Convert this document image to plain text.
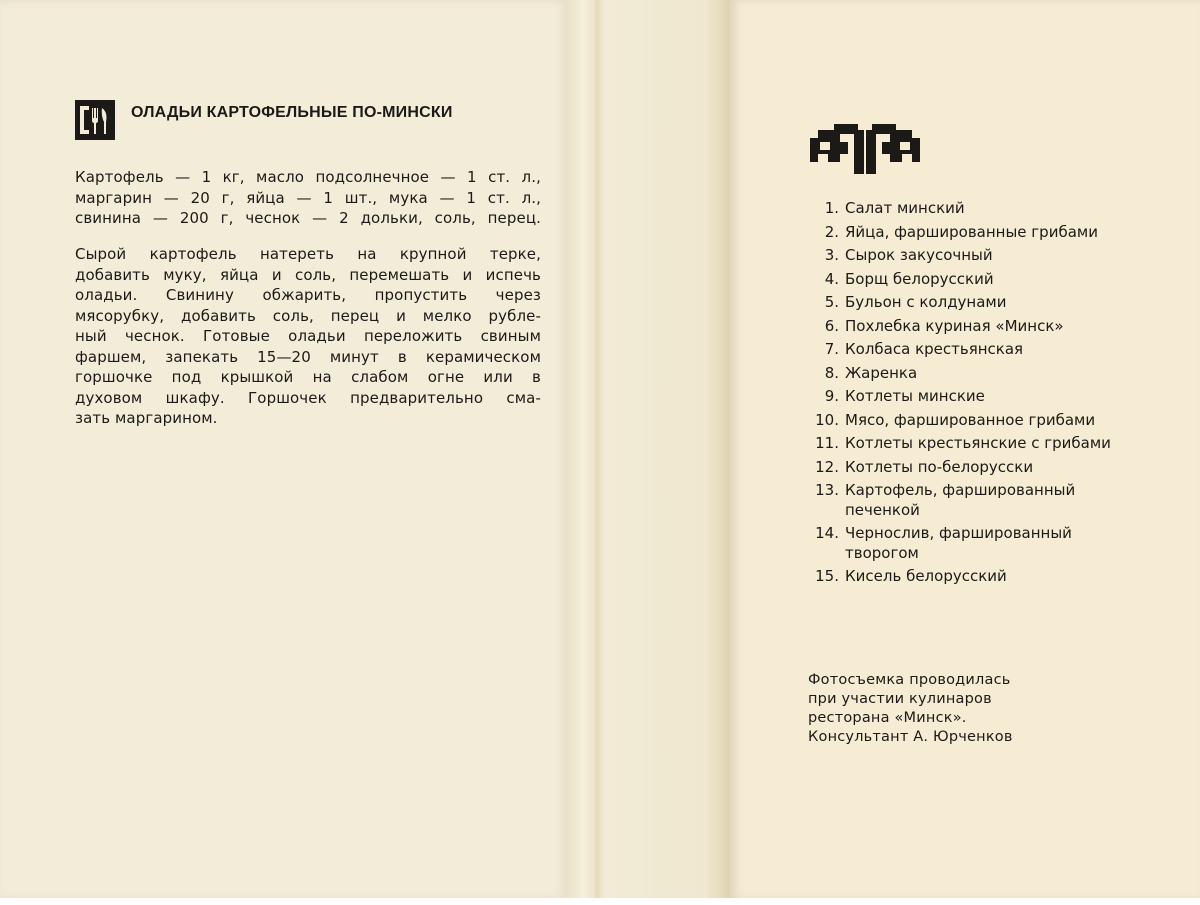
ОЛАДЬИ КАРТОФЕЛЬНЫЕ ПО-МИНСКИ
Картофель — 1 кг, масло подсолнечное — 1 ст. л.,
маргарин — 20 г, яйца — 1 шт., мука — 1 ст. л.,
свинина — 200 г, чеснок — 2 дольки, соль, перец.
Сырой картофель натереть на крупной терке,
добавить муку, яйца и соль, перемешать и испечь
оладьи. Свинину обжарить, пропустить через
мясорубку, добавить соль, перец и мелко рубле-
ный чеснок. Готовые оладьи переложить свиным
фаршем, запекать 15—20 минут в керамическом
горшочке под крышкой на слабом огне или в
духовом шкафу. Горшочек предварительно сма-
зать маргарином.
1. Салат минский
2. Яйца, фаршированные грибами
3. Сырок закусочный
4. Борщ белорусский
5. Бульон с колдунами
6. Похлебка куриная «Минск»
7. Колбаса крестьянская
8. Жаренка
9. Котлеты минские
10. Мясо, фаршированное грибами
11. Котлеты крестьянские с грибами
12. Котлеты по-белорусски
13. Картофель, фаршированный печенкой
14. Чернослив, фаршированный творогом
15. Кисель белорусский
Фотосъемка проводилась
при участии кулинаров
ресторана «Минск».
Консультант А. Юрченков
